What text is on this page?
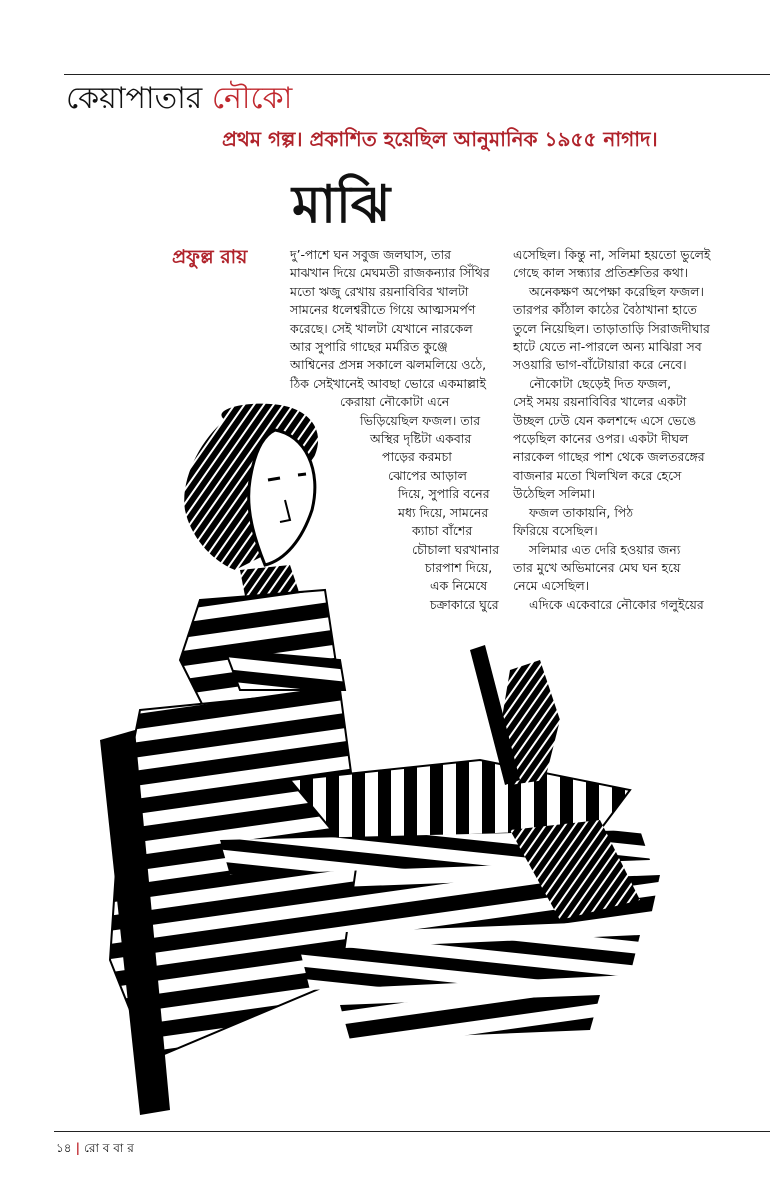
কেয়াপাতার নৌকো
প্রথম গল্প। প্রকাশিত হয়েছিল আনুমানিক ১৯৫৫ নাগাদ।
মাঝি
প্রফুল্ল রায়	দু’-পাশে ঘন সবুজ জলঘাস, তার

মাঝখান দিয়ে মেঘমতী রাজকন্যার সিঁথির

মতো ঋজু রেখায় রয়নাবিবির খালটা

সামনের ধলেশ্বরীতে গিয়ে আত্মসমর্পণ

করেছে। সেই খালটা যেখানে নারকেল

আর সুপারি গাছের মর্মরিত কুঞ্জে

আশ্বিনের প্রসন্ন সকালে ঝলমলিয়ে ওঠে,

ঠিক সেইখানেই আবছা ভোরে একমাল্লাই

কেরায়া নৌকোটা এনে

ভিড়িয়েছিল ফজল। তার

অস্থির দৃষ্টিটা একবার

পাড়ের করমচা

ঝোপের আড়াল

দিয়ে, সুপারি বনের

মধ্য দিয়ে, সামনের

ক্যাচা বাঁশের

চৌচালা ঘরখানার

চারপাশ দিয়ে,

এক নিমেষে

চক্রাকারে ঘুরে

এসেছিল। কিন্তু না, সলিমা হয়তো ভুলেই

গেছে কাল সন্ধ্যার প্রতিশ্রুতির কথা।

অনেকক্ষণ অপেক্ষা করেছিল ফজল।

তারপর কাঁঠাল কাঠের বৈঠাখানা হাতে

তুলে নিয়েছিল। তাড়াতাড়ি সিরাজদীঘার

হাটে যেতে না-পারলে অন্য মাঝিরা সব

সওয়ারি ভাগ-বাঁটোয়ারা করে নেবে।

নৌকোটা ছেড়েই দিত ফজল,

সেই সময় রয়নাবিবির খালের একটা

উচ্ছল ঢেউ যেন কলশব্দে এসে ভেঙে

পড়েছিল কানের ওপর। একটা দীঘল

নারকেল গাছের পাশ থেকে জলতরঙ্গের

বাজনার মতো খিলখিল করে হেসে

উঠেছিল সলিমা।

ফজল তাকায়নি, পিঠ

ফিরিয়ে বসেছিল।

সলিমার এত দেরি হওয়ার জন্য

তার মুখে অভিমানের মেঘ ঘন হয়ে

নেমে এসেছিল।

এদিকে একেবারে নৌকোর গলুইয়ের

১৪ | রো ব বা র
